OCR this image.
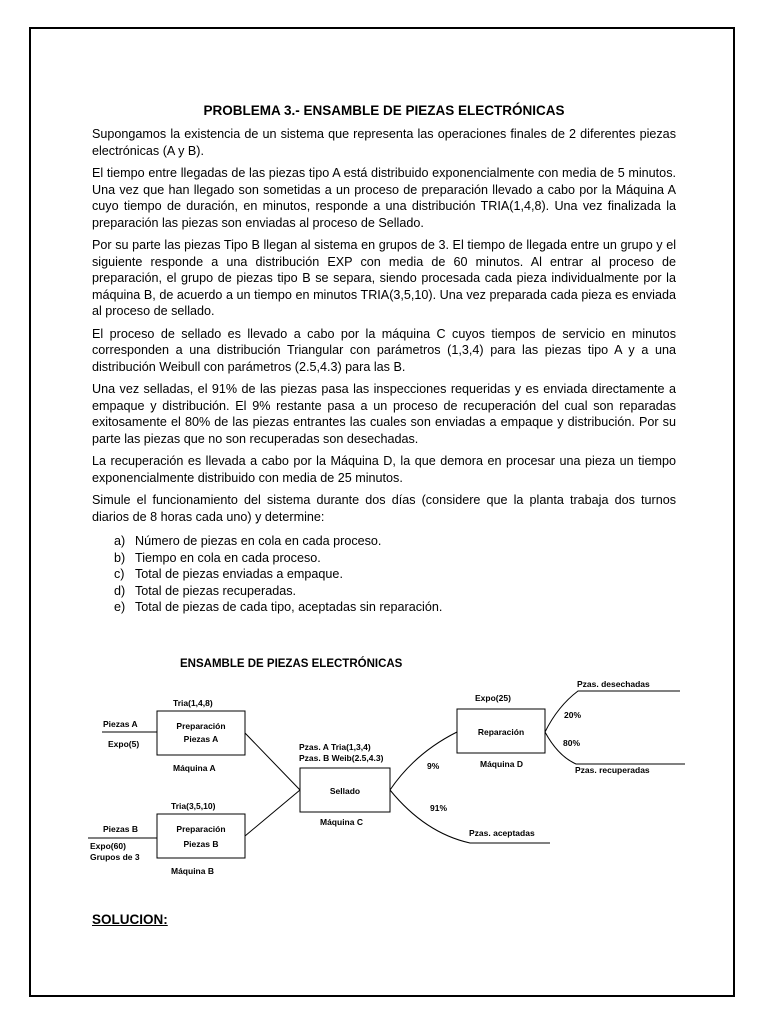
PROBLEMA 3.- ENSAMBLE DE PIEZAS ELECTRÓNICAS

Supongamos la existencia de un sistema que representa las operaciones finales de 2 diferentes piezas electrónicas (A y B).

El tiempo entre llegadas de las piezas tipo A está distribuido exponencialmente con media de 5 minutos. Una vez que han llegado son sometidas a un proceso de preparación llevado a cabo por la Máquina A cuyo tiempo de duración, en minutos, responde a una distribución TRIA(1,4,8). Una vez finalizada la preparación las piezas son enviadas al proceso de Sellado.

Por su parte las piezas Tipo B llegan al sistema en grupos de 3. El tiempo de llegada entre un grupo y el siguiente responde a una distribución EXP con media de 60 minutos. Al entrar al proceso de preparación, el grupo de piezas tipo B se separa, siendo procesada cada pieza individualmente por la máquina B, de acuerdo a un tiempo en minutos TRIA(3,5,10). Una vez preparada cada pieza es enviada al proceso de sellado.

El proceso de sellado es llevado a cabo por la máquina C cuyos tiempos de servicio en minutos corresponden a una distribución Triangular con parámetros (1,3,4) para las piezas tipo A y a una distribución Weibull con parámetros (2.5,4.3) para las B.

Una vez selladas, el 91% de las piezas pasa las inspecciones requeridas y es enviada directamente a empaque y distribución. El 9% restante pasa a un proceso de recuperación del cual son reparadas exitosamente el 80% de las piezas entrantes las cuales son enviadas a empaque y distribución. Por su parte las piezas que no son recuperadas son desechadas.

La recuperación es llevada a cabo por la Máquina D, la que demora en procesar una pieza un tiempo exponencialmente distribuido con media de 25 minutos.

Simule el funcionamiento del sistema durante dos días (considere que la planta trabaja dos turnos diarios de 8 horas cada uno) y determine:

a) Número de piezas en cola en cada proceso.
b) Tiempo en cola en cada proceso.
c) Total de piezas enviadas a empaque.
d) Total de piezas recuperadas.
e) Total de piezas de cada tipo, aceptadas sin reparación.
ENSAMBLE DE PIEZAS ELECTRÓNICAS
Tria(1,4,8)
Preparación
Piezas A
Piezas A
Expo(5)
Máquina A
Tria(3,5,10)
Preparación
Piezas B
Piezas B
Expo(60)
Grupos de 3
Máquina B
Pzas. A Tria(1,3,4)
Pzas. B Weib(2.5,4.3)
Sellado
Máquina C
Expo(25)
Reparación
Máquina D
9%
91%
Pzas. aceptadas
Pzas. desechadas
20%
80%
Pzas. recuperadas
SOLUCION:
